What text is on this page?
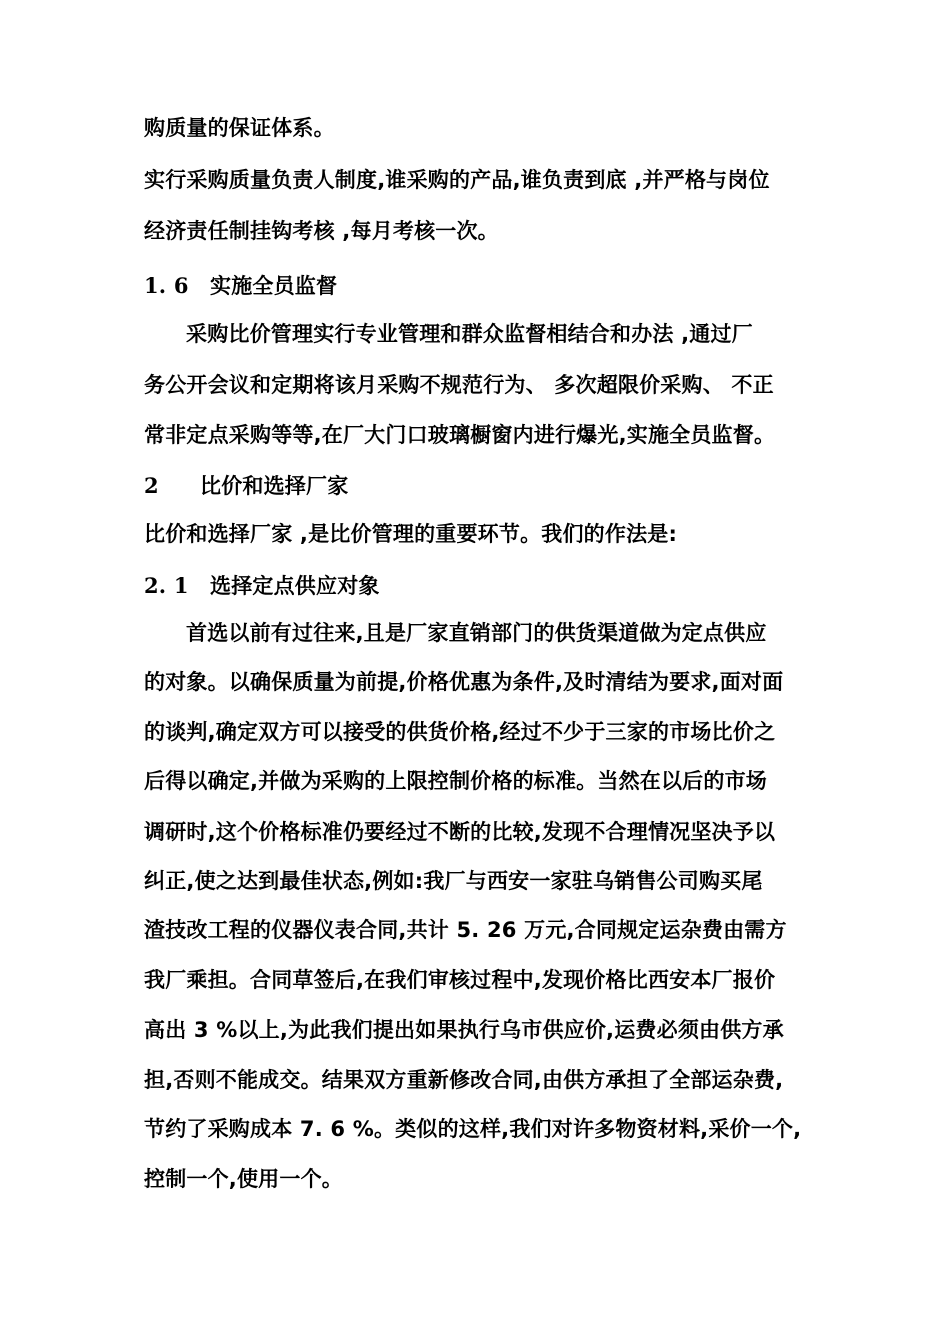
购质量的保证体系。
实行采购质量负责人制度,谁采购的产品,谁负责到底 ,并严格与岗位
经济责任制挂钩考核 ,每月考核一次。
1. 6 实施全员监督
采购比价管理实行专业管理和群众监督相结合和办法 ,通过厂
务公开会议和定期将该月采购不规范行为、 多次超限价采购、 不正
常非定点采购等等,在厂大门口玻璃橱窗内进行爆光,实施全员监督。
2 比价和选择厂家
比价和选择厂家 ,是比价管理的重要环节。我们的作法是:
2. 1 选择定点供应对象
首选以前有过往来,且是厂家直销部门的供货渠道做为定点供应
的对象。以确保质量为前提,价格优惠为条件,及时清结为要求,面对面
的谈判,确定双方可以接受的供货价格,经过不少于三家的市场比价之
后得以确定,并做为采购的上限控制价格的标准。当然在以后的市场
调研时,这个价格标准仍要经过不断的比较,发现不合理情况坚决予以
纠正,使之达到最佳状态,例如:我厂与西安一家驻乌销售公司购买尾
渣技改工程的仪器仪表合同,共计 5. 26 万元,合同规定运杂费由需方
我厂乘担。合同草签后,在我们审核过程中,发现价格比西安本厂报价
高出 3 %以上,为此我们提出如果执行乌市供应价,运费必须由供方承
担,否则不能成交。结果双方重新修改合同,由供方承担了全部运杂费,
节约了采购成本 7. 6 %。类似的这样,我们对许多物资材料,采价一个,
控制一个,使用一个。
